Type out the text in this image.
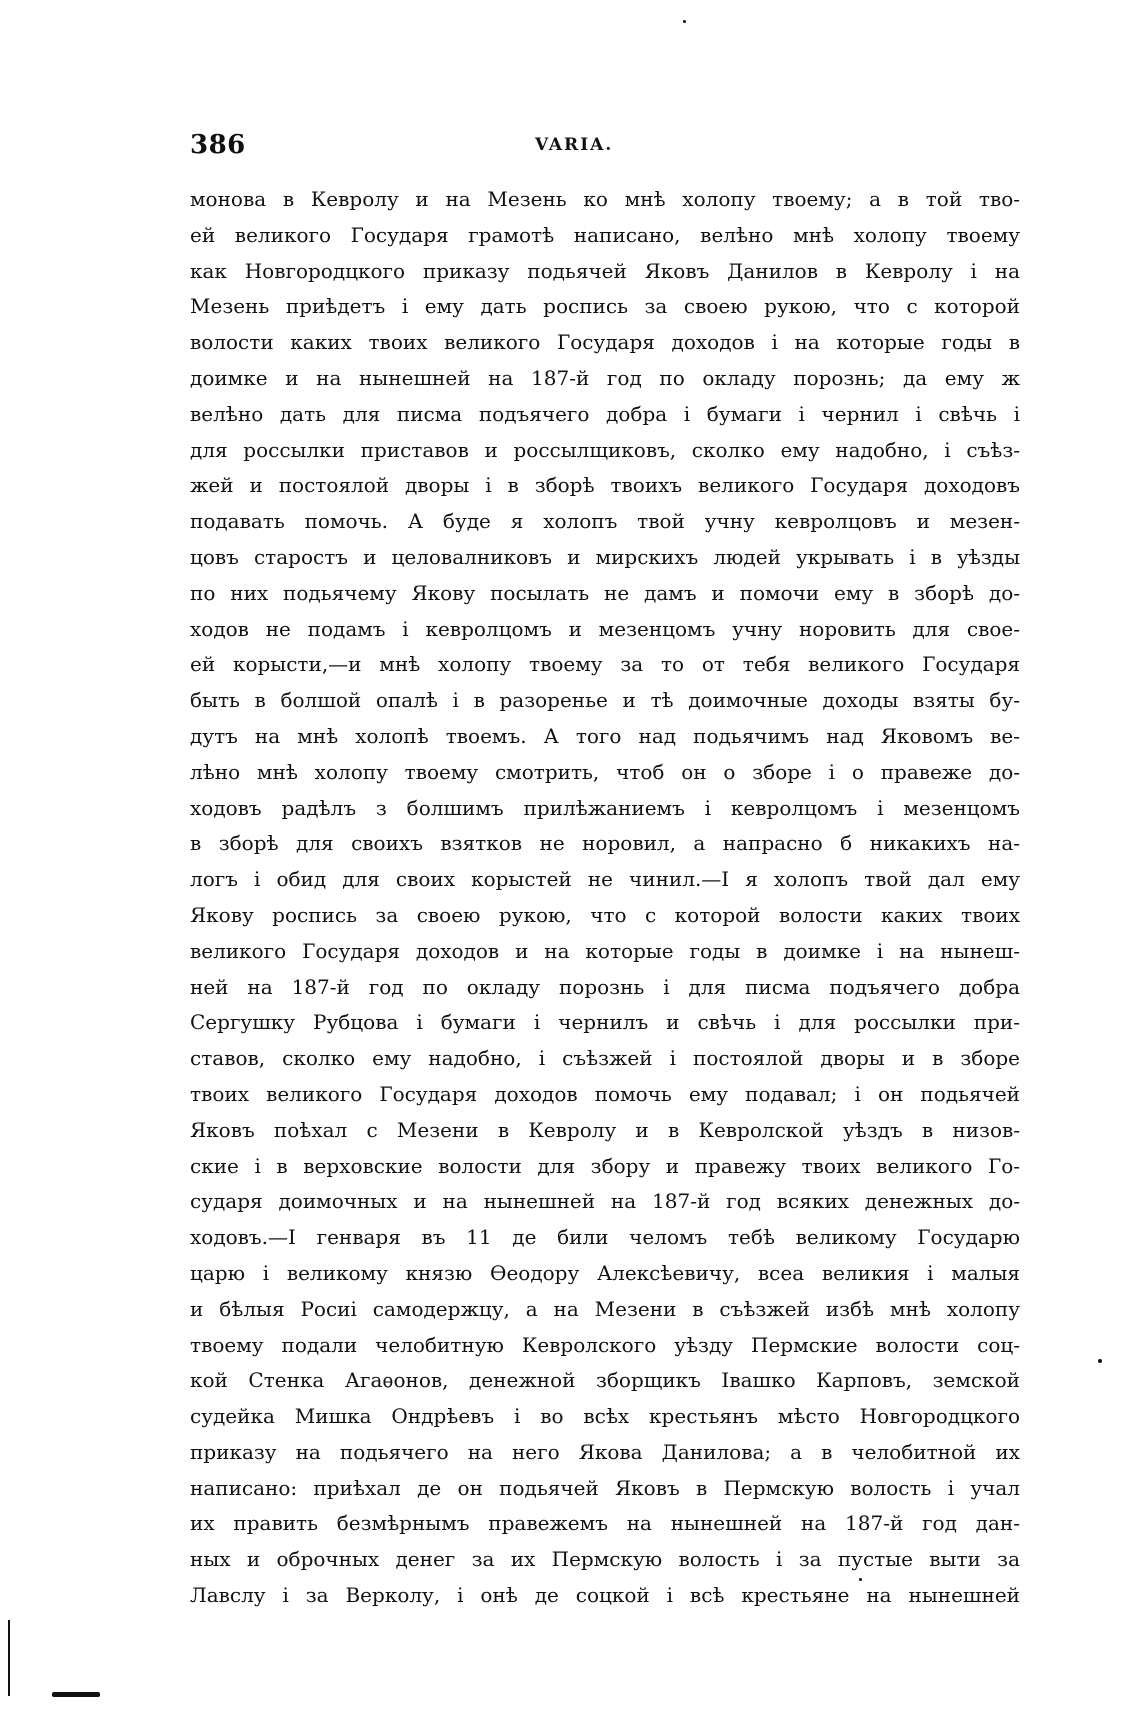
386	VARIA.
монова в Кевролу и на Мезень ко мнѣ холопу твоему; а в той тво-
ей великого Государя грамотѣ написано, велѣно мнѣ холопу твоему
как Новгородцкого приказу подьячей Яковъ Данилов в Кевролу і на
Мезень приѣдетъ і ему дать роспись за своею рукою, что с которой
волости каких твоих великого Государя доходов і на которые годы в
доимке и на нынешней на 187-й год по окладу порознь; да ему ж
велѣно дать для писма подъячего добра і бумаги і чернил і свѣчь і
для россылки приставов и россылщиковъ, сколко ему надобно, і съѣз-
жей и постоялой дворы і в зборѣ твоихъ великого Государя доходовъ
подавать помочь. А буде я холопъ твой учну кевролцовъ и мезен-
цовъ старостъ и целовалниковъ и мирскихъ людей укрывать і в уѣзды
по них подьячему Якову посылать не дамъ и помочи ему в зборѣ до-
ходов не подамъ і кевролцомъ и мезенцомъ учну норовить для свое-
ей корысти,—и мнѣ холопу твоему за то от тебя великого Государя
быть в болшой опалѣ і в разоренье и тѣ доимочные доходы взяты бу-
дутъ на мнѣ холопѣ твоемъ. А того над подьячимъ над Яковомъ ве-
лѣно мнѣ холопу твоему смотрить, чтоб он о зборе і о правеже до-
ходовъ радѣлъ з болшимъ прилѣжаниемъ і кевролцомъ і мезенцомъ
в зборѣ для своихъ взятков не норовил, а напрасно б никакихъ на-
логъ і обид для своих корыстей не чинил.—I я холопъ твой дал ему
Якову роспись за своею рукою, что с которой волости каких твоих
великого Государя доходов и на которые годы в доимке і на нынеш-
ней на 187-й год по окладу порознь і для писма подъячего добра
Сергушку Рубцова і бумаги і чернилъ и свѣчь і для россылки при-
ставов, сколко ему надобно, і съѣзжей і постоялой дворы и в зборе
твоих великого Государя доходов помочь ему подавал; і он подьячей
Яковъ поѣхал с Мезени в Кевролу и в Кевролской уѣздъ в низов-
ские і в верховские волости для збору и правежу твоих великого Го-
сударя доимочных и на нынешней на 187-й год всяких денежных до-
ходовъ.—I генваря въ 11 де били челомъ тебѣ великому Государю
царю і великому князю Ѳеодору Алексѣевичу, всеа великия і малыя
и бѣлыя Росиі самодержцу, а на Мезени в съѣзжей избѣ мнѣ холопу
твоему подали челобитную Кевролского уѣзду Пермские волости соц-
кой Стенка Агаѳонов, денежной зборщикъ Івашко Карповъ, земской
судейка Мишка Ондрѣевъ і во всѣх крестьянъ мѣсто Новгородцкого
приказу на подьячего на него Якова Данилова; а в челобитной их
написано: приѣхал де он подьячей Яковъ в Пермскую волость і учал
их править безмѣрнымъ правежемъ на нынешней на 187-й год дан-
ных и оброчных денег за их Пермскую волость і за пустые выти за
Лавслу і за Верколу, і онѣ де соцкой і всѣ крестьяне на нынешней
